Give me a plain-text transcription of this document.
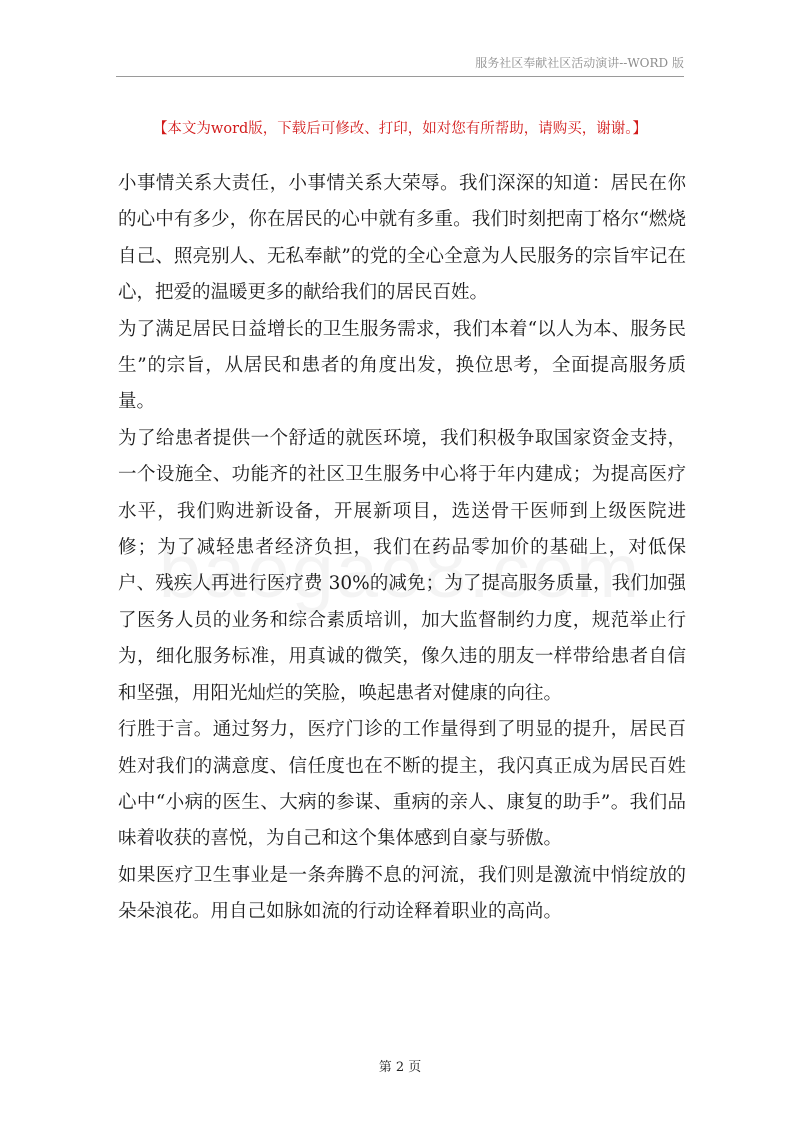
服务社区奉献社区活动演讲--WORD 版
【本文为word版，下载后可修改、打印，如对您有所帮助，请购买，谢谢。】

小事情关系大责任，小事情关系大荣辱。我们深深的知道：居民在你的心中有多少，你在居民的心中就有多重。我们时刻把南丁格尔“燃烧自己、照亮别人、无私奉献”的党的全心全意为人民服务的宗旨牢记在心，把爱的温暖更多的献给我们的居民百姓。

为了满足居民日益增长的卫生服务需求，我们本着“以人为本、服务民生”的宗旨，从居民和患者的角度出发，换位思考，全面提高服务质量。

为了给患者提供一个舒适的就医环境，我们积极争取国家资金支持，一个设施全、功能齐的社区卫生服务中心将于年内建成；为提高医疗水平，我们购进新设备，开展新项目，选送骨干医师到上级医院进修；为了减轻患者经济负担，我们在药品零加价的基础上，对低保户、残疾人再进行医疗费 30%的减免；为了提高服务质量，我们加强了医务人员的业务和综合素质培训，加大监督制约力度，规范举止行为，细化服务标准，用真诚的微笑，像久违的朋友一样带给患者自信和坚强，用阳光灿烂的笑脸，唤起患者对健康的向往。

行胜于言。通过努力，医疗门诊的工作量得到了明显的提升，居民百姓对我们的满意度、信任度也在不断的提主，我闪真正成为居民百姓心中“小病的医生、大病的参谋、重病的亲人、康复的助手”。我们品味着收获的喜悦，为自己和这个集体感到自豪与骄傲。

如果医疗卫生事业是一条奔腾不息的河流，我们则是激流中悄绽放的朵朵浪花。用自己如脉如流的行动诠释着职业的高尚。

第 2 页
